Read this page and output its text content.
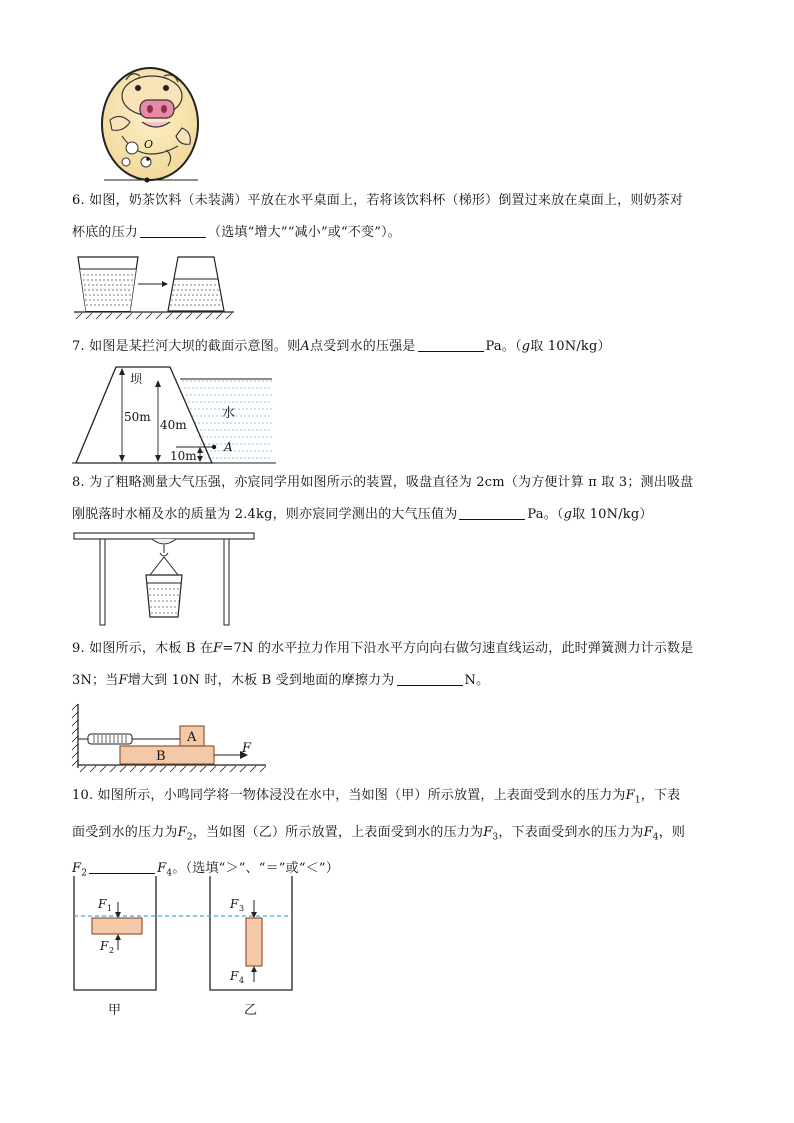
O
6. 如图，奶茶饮料（未装满）平放在水平桌面上，若将该饮料杯（梯形）倒置过来放在桌面上，则奶茶对
杯底的压力	（选填“增大”“减小”或“不变”）。
7. 如图是某拦河大坝的截面示意图。则A点受到水的压强是	Pa。（g取 10N/kg）
坝
50m
40m
水
A
10m
8. 为了粗略测量大气压强，亦宸同学用如图所示的装置，吸盘直径为 2cm（为方便计算 π 取 3；测出吸盘
刚脱落时水桶及水的质量为 2.4kg，则亦宸同学测出的大气压值为	Pa。（g取 10N/kg）
9. 如图所示，木板 B 在F=7N 的水平拉力作用下沿水平方向向右做匀速直线运动，此时弹簧测力计示数是
3N；当F增大到 10N 时，木板 B 受到地面的摩擦力为	N。
A
B
F
10. 如图所示，小鸣同学将一物体浸没在水中，当如图（甲）所示放置，上表面受到水的压力为$F_1$，下表
面受到水的压力为$F_2$，当如图（乙）所示放置，上表面受到水的压力为$F_3$，下表面受到水的压力为$F_4$，则
$F_2$	$F_4$。（选填“＞”、“＝”或“＜”）
F 1
F 2
F 3
F 4
甲	乙
